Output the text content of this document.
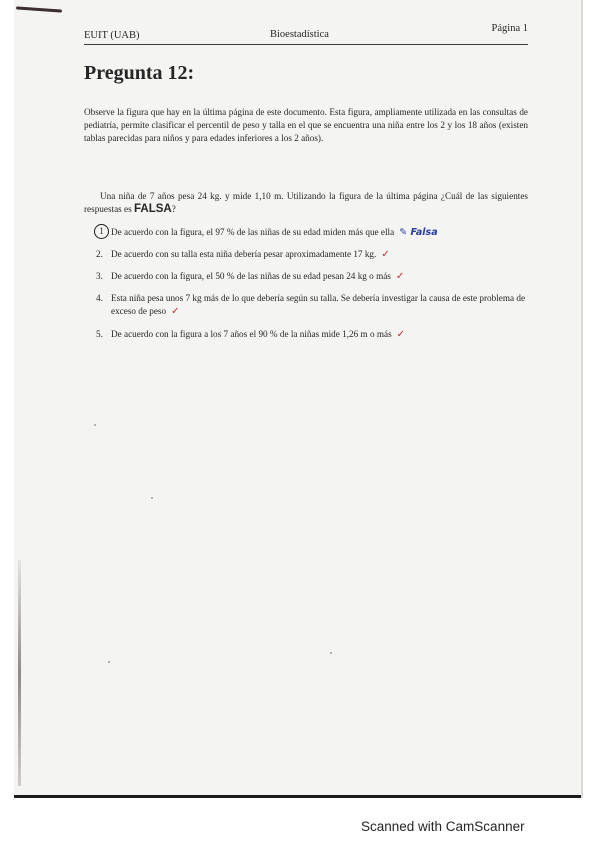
EUIT (UAB)	Bioestadística
Página 1
Pregunta 12:

Observe la figura que hay en la última página de este documento. Esta figura, ampliamente utilizada en las consultas de pediatría, permite clasificar el percentil de peso y talla en el que se encuentra una niña entre los 2 y los 18 años (existen tablas parecidas para niños y para edades inferiores a los 2 años).

Una niña de 7 años pesa 24 kg. y mide 1,10 m. Utilizando la figura de la última página ¿Cuál de las siguientes respuestas es FALSA?

1 De acuerdo con la figura, el 97 % de las niñas de su edad miden más que ella ✎ Falsa
2. De acuerdo con su talla esta niña debería pesar aproximadamente 17 kg. ✓
3. De acuerdo con la figura, el 50 % de las niñas de su edad pesan 24 kg o más ✓
4. Esta niña pesa unos 7 kg más de lo que debería según su talla. Se debería investigar la causa de este problema de exceso de peso ✓
5. De acuerdo con la figura a los 7 años el 90 % de la niñas mide 1,26 m o más ✓
Scanned with CamScanner
